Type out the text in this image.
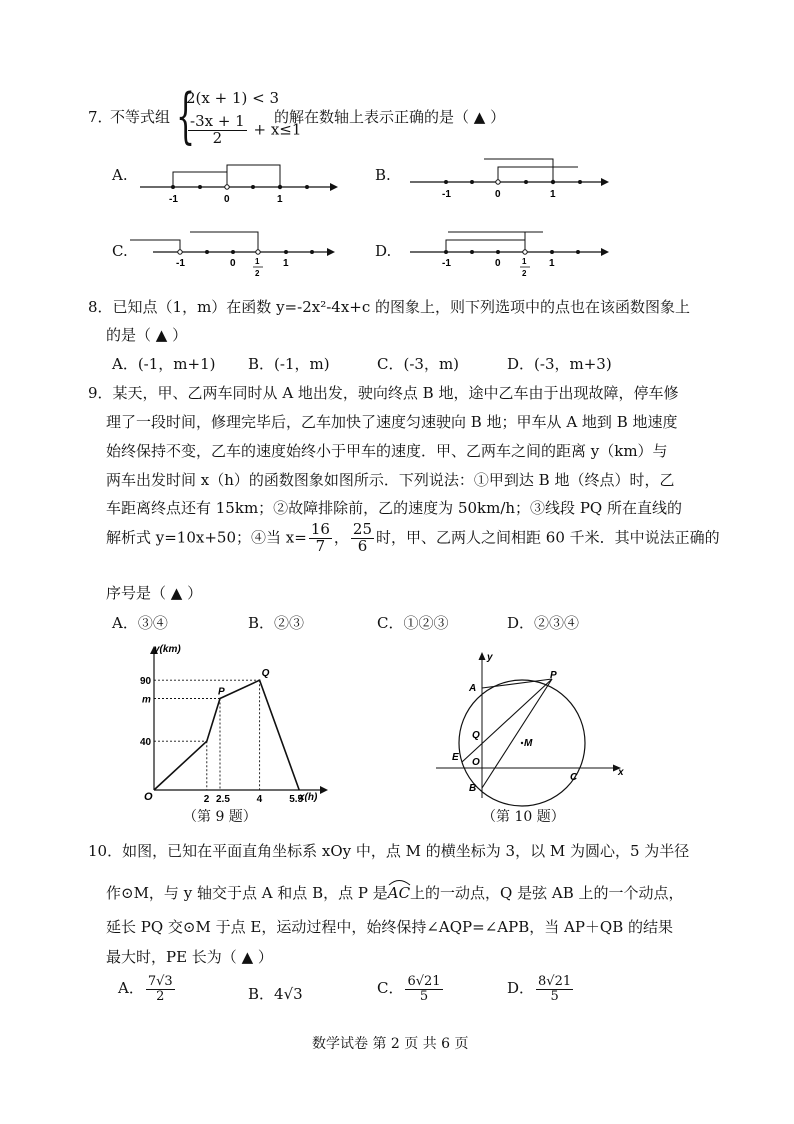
7．
不等式组 {
2(x + 1) < 3
$\frac{-3x + 1}{2} + x\le 1$
的解在数轴上表示正确的是（ ▲ ）
A.
-1	0	1
B.
-1	0	1
C.
-1	0 1
2
1
D.
-1	0	1
2
1
8．已知点（1，m）在函数 y=-2x²-4x+c 的图象上，则下列选项中的点也在该函数图象上
的是（ ▲ ）
A．(-1，m+1) B．(-1，m)	C．(-3，m)	D．(-3，m+3)
9．某天，甲、乙两车同时从 A 地出发，驶向终点 B 地，途中乙车由于出现故障，停车修
理了一段时间，修理完毕后，乙车加快了速度匀速驶向 B 地；甲车从 A 地到 B 地速度
始终保持不变，乙车的速度始终小于甲车的速度．甲、乙两车之间的距离 y（km）与
两车出发时间 x（h）的函数图象如图所示．下列说法：①甲到达 B 地（终点）时，乙
车距离终点还有 15km；②故障排除前，乙的速度为 50km/h；③线段 PQ 所在直线的
解析式 y=10x+50；④当 $x= \frac{16}{7}$ ， $\frac{25}{6}$ 时，甲、乙两人之间相距 60 千米．其中说法正确的
序号是（ ▲ ）
A．③④	B．②③	C．①②③	D．②③④
y(km)
x(h)
O
P
Q
90
m
40
2 2.5	4	5.5
（第 9 题）
y
x
A
P
Q
M
E O
B
C
（第 10 题）
10．如图，已知在平面直角坐标系 xOy 中，点 M 的横坐标为 3，以 M 为圆心，5 为半径
作⊙M，与 y 轴交于点 A 和点 B，点 P 是
AC上的一动点，Q 是弦 AB 上的一个动点，
延长 PQ 交⊙M 于点 E，运动过程中，始终保持∠AQP=∠APB，当 AP＋QB 的结果
最大时，PE 长为（ ▲ ）
A． $\frac{7√3}{2}$	B．4√3	C． $\frac{6√21}{5}$	D． $\frac{8√21}{5}$
数学试卷 第 2 页 共 6 页
